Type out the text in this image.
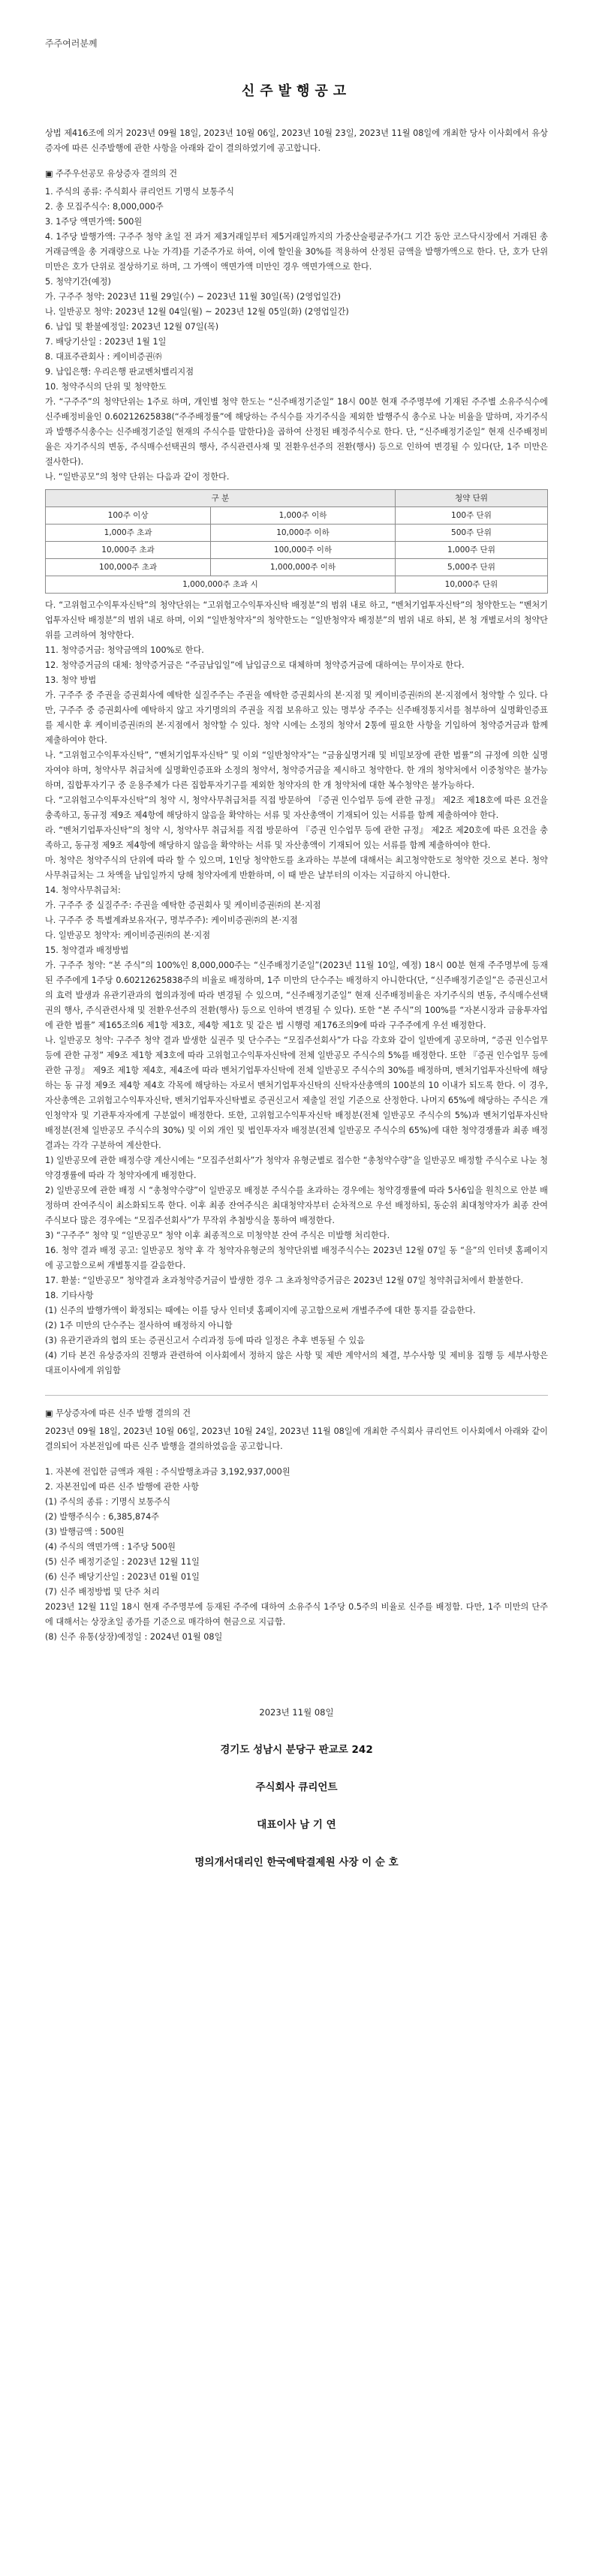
주주여러분께
신주발행공고

상법 제416조에 의거 2023년 09월 18일, 2023년 10월 06일, 2023년 10월 23일, 2023년 11월 08일에 개최한 당사 이사회에서 유상증자에 따른 신주발행에 관한 사항을 아래와 같이 결의하였기에 공고합니다.

▣ 주주우선공모 유상증자 결의의 건

1. 주식의 종류: 주식회사 큐리언트 기명식 보통주식

2. 총 모집주식수: 8,000,000주

3. 1주당 액면가액: 500원

4. 1주당 발행가액: 구주주 청약 초일 전 과거 제3거래일부터 제5거래일까지의 가중산술평균주가(그 기간 동안 코스닥시장에서 거래된 총 거래금액을 총 거래량으로 나눈 가격)를 기준주가로 하여, 이에 할인율 30%를 적용하여 산정된 금액을 발행가액으로 한다. 단, 호가 단위 미만은 호가 단위로 절상하기로 하며, 그 가액이 액면가액 미만인 경우 액면가액으로 한다.

5. 청약기간(예정)

가. 구주주 청약: 2023년 11월 29일(수) ~ 2023년 11월 30일(목) (2영업일간)

나. 일반공모 청약: 2023년 12월 04일(월) ~ 2023년 12월 05일(화) (2영업일간)

6. 납입 및 환불예정일: 2023년 12월 07일(목)

7. 배당기산일 : 2023년 1월 1일

8. 대표주관회사 : 케이비증권㈜

9. 납입은행: 우리은행 판교벤처밸리지점

10. 청약주식의 단위 및 청약한도

가. “구주주”의 청약단위는 1주로 하며, 개인별 청약 한도는 “신주배정기준일” 18시 00분 현재 주주명부에 기재된 주주별 소유주식수에 신주배정비율인 0.60212625838(“주주배정률”에 해당하는 주식수를 자기주식을 제외한 발행주식 총수로 나눈 비율을 말하며, 자기주식과 발행주식총수는 신주배정기준일 현재의 주식수를 말한다)을 곱하여 산정된 배정주식수로 한다. 단, “신주배정기준일” 현재 신주배정비율은 자기주식의 변동, 주식매수선택권의 행사, 주식관련사채 및 전환우선주의 전환(행사) 등으로 인하여 변경될 수 있다(단, 1주 미만은 절사한다).

나. “일반공모”의 청약 단위는 다음과 같이 정한다.

구 분		청약 단위
100주 이상	1,000주 이하	100주 단위
1,000주 초과	10,000주 이하	500주 단위
10,000주 초과	100,000주 이하	1,000주 단위
100,000주 초과	1,000,000주 이하	5,000주 단위
1,000,000주 초과 시		10,000주 단위

다. “고위험고수익투자신탁”의 청약단위는 “고위험고수익투자신탁 배정분”의 범위 내로 하고, “벤처기업투자신탁”의 청약한도는 “벤처기업투자신탁 배정분”의 범위 내로 하며, 이외 “일반청약자”의 청약한도는 “일반청약자 배정분”의 범위 내로 하되, 본 청 개별로서의 청약단위를 고려하여 청약한다.

11. 청약증거금: 청약금액의 100%로 한다.

12. 청약증거금의 대체: 청약증거금은 “주금납입일”에 납입금으로 대체하며 청약증거금에 대하여는 무이자로 한다.

13. 청약 방법

가. 구주주 중 주권을 증권회사에 예탁한 실질주주는 주권을 예탁한 증권회사의 본·지점 및 케이비증권㈜의 본·지점에서 청약할 수 있다. 다만, 구주주 중 증권회사에 예탁하지 않고 자기명의의 주권을 직접 보유하고 있는 명부상 주주는 신주배정통지서를 첨부하여 실명확인증표를 제시한 후 케이비증권㈜의 본·지점에서 청약할 수 있다. 청약 시에는 소정의 청약서 2통에 필요한 사항을 기입하여 청약증거금과 함께 제출하여야 한다.

나. “고위험고수익투자신탁”, “벤처기업투자신탁” 및 이외 “일반청약자”는 “금융실명거래 및 비밀보장에 관한 법률”의 규정에 의한 실명자여야 하며, 청약사무 취급처에 실명확인증표와 소정의 청약서, 청약증거금을 제시하고 청약한다. 한 개의 청약처에서 이중청약은 불가능하며, 집합투자기구 중 운용주체가 다른 집합투자기구를 제외한 청약자의 한 개 청약처에 대한 복수청약은 불가능하다.

다. “고위험고수익투자신탁”의 청약 시, 청약사무취급처를 직접 방문하여 『증권 인수업무 등에 관한 규정』 제2조 제18호에 따른 요건을 충족하고, 동규정 제9조 제4항에 해당하지 않음을 확약하는 서류 및 자산총액이 기재되어 있는 서류를 함께 제출하여야 한다.

라. “벤처기업투자신탁”의 청약 시, 청약사무 취급처를 직접 방문하여 『증권 인수업무 등에 관한 규정』 제2조 제20호에 따른 요건을 충족하고, 동규정 제9조 제4항에 해당하지 않음을 확약하는 서류 및 자산총액이 기재되어 있는 서류를 함께 제출하여야 한다.

마. 청약은 청약주식의 단위에 따라 할 수 있으며, 1인당 청약한도를 초과하는 부분에 대해서는 최고청약한도로 청약한 것으로 본다. 청약사무취급처는 그 차액을 납입일까지 당해 청약자에게 반환하며, 이 때 받은 날부터의 이자는 지급하지 아니한다.

14. 청약사무취급처:

가. 구주주 중 실질주주: 주권을 예탁한 증권회사 및 케이비증권㈜의 본·지점

나. 구주주 중 특별계좌보유자(구, 명부주주): 케이비증권㈜의 본·지점

다. 일반공모 청약자: 케이비증권㈜의 본·지점

15. 청약결과 배정방법

가. 구주주 청약: “본 주식”의 100%인 8,000,000주는 “신주배정기준일”(2023년 11월 10일, 예정) 18시 00분 현재 주주명부에 등재된 주주에게 1주당 0.60212625838주의 비율로 배정하며, 1주 미만의 단수주는 배정하지 아니한다(단, “신주배정기준일”은 증권신고서의 효력 발생과 유관기관과의 협의과정에 따라 변경될 수 있으며, “신주배정기준일” 현재 신주배정비율은 자기주식의 변동, 주식매수선택권의 행사, 주식관련사채 및 전환우선주의 전환(행사) 등으로 인하여 변경될 수 있다). 또한 “본 주식”의 100%를 “자본시장과 금융투자업에 관한 법률” 제165조의6 제1항 제3호, 제4항 제1호 및 같은 법 시행령 제176조의9에 따라 구주주에게 우선 배정한다.

나. 일반공모 청약: 구주주 청약 결과 발생한 실권주 및 단수주는 “모집주선회사”가 다음 각호와 같이 일반에게 공모하며, “증권 인수업무 등에 관한 규정” 제9조 제1항 제3호에 따라 고위험고수익투자신탁에 전체 일반공모 주식수의 5%를 배정한다. 또한 『증권 인수업무 등에 관한 규정』 제9조 제1항 제4호, 제4조에 따라 벤처기업투자신탁에 전체 일반공모 주식수의 30%를 배정하며, 벤처기업투자신탁에 해당하는 동 규정 제9조 제4항 제4호 각목에 해당하는 자로서 벤처기업투자신탁의 신탁자산총액의 100분의 10 이내가 되도록 한다. 이 경우, 자산총액은 고위험고수익투자신탁, 벤처기업투자신탁별로 증권신고서 제출일 전일 기준으로 산정한다. 나머지 65%에 해당하는 주식은 개인청약자 및 기관투자자에게 구분없이 배정한다. 또한, 고위험고수익투자신탁 배정분(전체 일반공모 주식수의 5%)과 벤처기업투자신탁 배정분(전체 일반공모 주식수의 30%) 및 이외 개인 및 법인투자자 배정분(전체 일반공모 주식수의 65%)에 대한 청약경쟁률과 최종 배정 결과는 각각 구분하여 계산한다.

1) 일반공모에 관한 배정수량 계산시에는 “모집주선회사”가 청약자 유형군별로 접수한 “총청약수량”을 일반공모 배정할 주식수로 나눈 청약경쟁률에 따라 각 청약자에게 배정한다.

2) 일반공모에 관한 배정 시 “총청약수량”이 일반공모 배정분 주식수를 초과하는 경우에는 청약경쟁률에 따라 5사6입을 원칙으로 안분 배정하며 잔여주식이 최소화되도록 한다. 이후 최종 잔여주식은 최대청약자부터 순차적으로 우선 배정하되, 동순위 최대청약자가 최종 잔여주식보다 많은 경우에는 “모집주선회사”가 무작위 추첨방식을 통하여 배정한다.

3) “구주주” 청약 및 “일반공모” 청약 이후 최종적으로 미청약분 잔여 주식은 미발행 처리한다.

16. 청약 결과 배정 공고: 일반공모 청약 후 각 청약자유형군의 청약단위별 배정주식수는 2023년 12월 07일 동 “을”의 인터넷 홈페이지에 공고함으로써 개별통지를 갈음한다.

17. 환불: “일반공모” 청약결과 초과청약증거금이 발생한 경우 그 초과청약증거금은 2023년 12월 07일 청약취급처에서 환불한다.

18. 기타사항

(1) 신주의 발행가액이 확정되는 때에는 이를 당사 인터넷 홈페이지에 공고함으로써 개별주주에 대한 통지를 갈음한다.

(2) 1주 미만의 단수주는 절사하여 배정하지 아니함

(3) 유관기관과의 협의 또는 증권신고서 수리과정 등에 따라 일정은 추후 변동될 수 있음

(4) 기타 본건 유상증자의 진행과 관련하여 이사회에서 정하지 않은 사항 및 제반 계약서의 체결, 부수사항 및 제비용 집행 등 세부사항은 대표이사에게 위임함

▣ 무상증자에 따른 신주 발행 결의의 건

2023년 09월 18일, 2023년 10월 06일, 2023년 10월 24일, 2023년 11월 08일에 개최한 주식회사 큐리언트 이사회에서 아래와 같이 결의되어 자본전입에 따른 신주 발행을 결의하였음을 공고합니다.

1. 자본에 전입한 금액과 재원 : 주식발행초과금 3,192,937,000원

2. 자본전입에 따른 신주 발행에 관한 사항

(1) 주식의 종류 : 기명식 보통주식

(2) 발행주식수 : 6,385,874주

(3) 발행금액 : 500원

(4) 주식의 액면가액 : 1주당 500원

(5) 신주 배정기준일 : 2023년 12월 11일

(6) 신주 배당기산일 : 2023년 01월 01일

(7) 신주 배정방법 및 단주 처리

2023년 12월 11일 18시 현재 주주명부에 등재된 주주에 대하여 소유주식 1주당 0.5주의 비율로 신주를 배정함. 다만, 1주 미만의 단주에 대해서는 상장초일 종가를 기준으로 매각하여 현금으로 지급함.

(8) 신주 유통(상장)예정일 : 2024년 01월 08일

2023년 11월 08일
경기도 성남시 분당구 판교로 242
주식회사 큐리언트
대표이사 남 기 연
명의개서대리인 한국예탁결제원 사장 이 순 호
